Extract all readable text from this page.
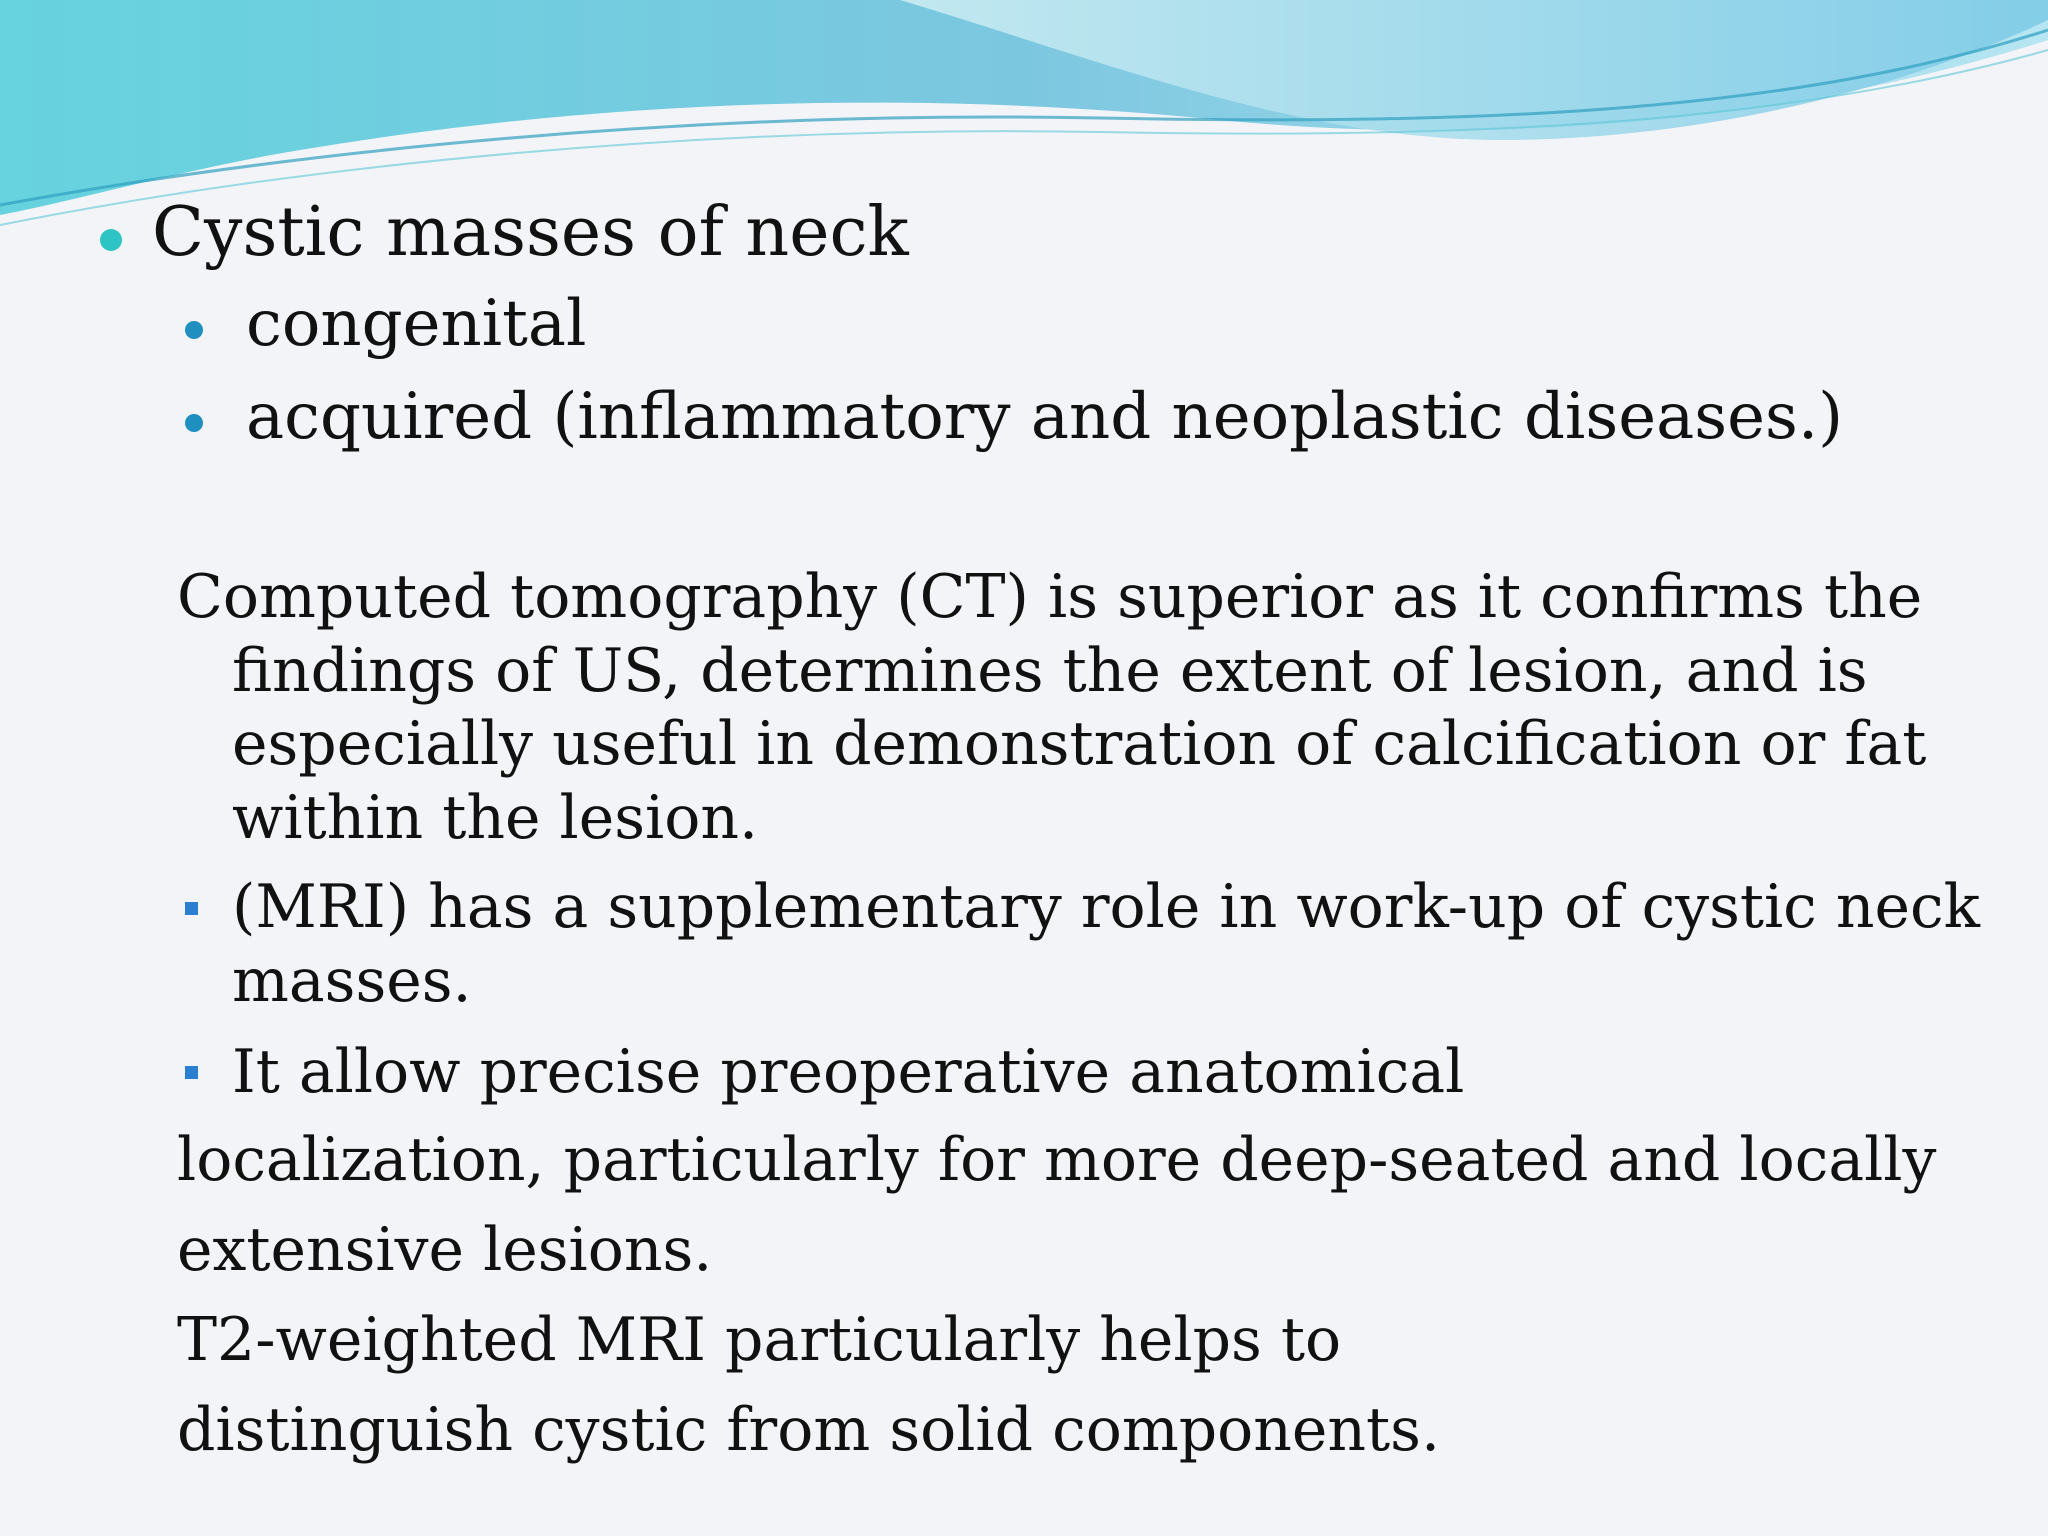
Cystic masses of neck
congenital
acquired (inflammatory and neoplastic diseases.)
Computed tomography (CT) is superior as it confirms the
findings of US, determines the extent of lesion, and is
especially useful in demonstration of calcification or fat
within the lesion.
(MRI) has a supplementary role in work-up of cystic neck
masses.
It allow precise preoperative anatomical
localization, particularly for more deep-seated and locally
extensive lesions.
T2-weighted MRI particularly helps to
distinguish cystic from solid components.
